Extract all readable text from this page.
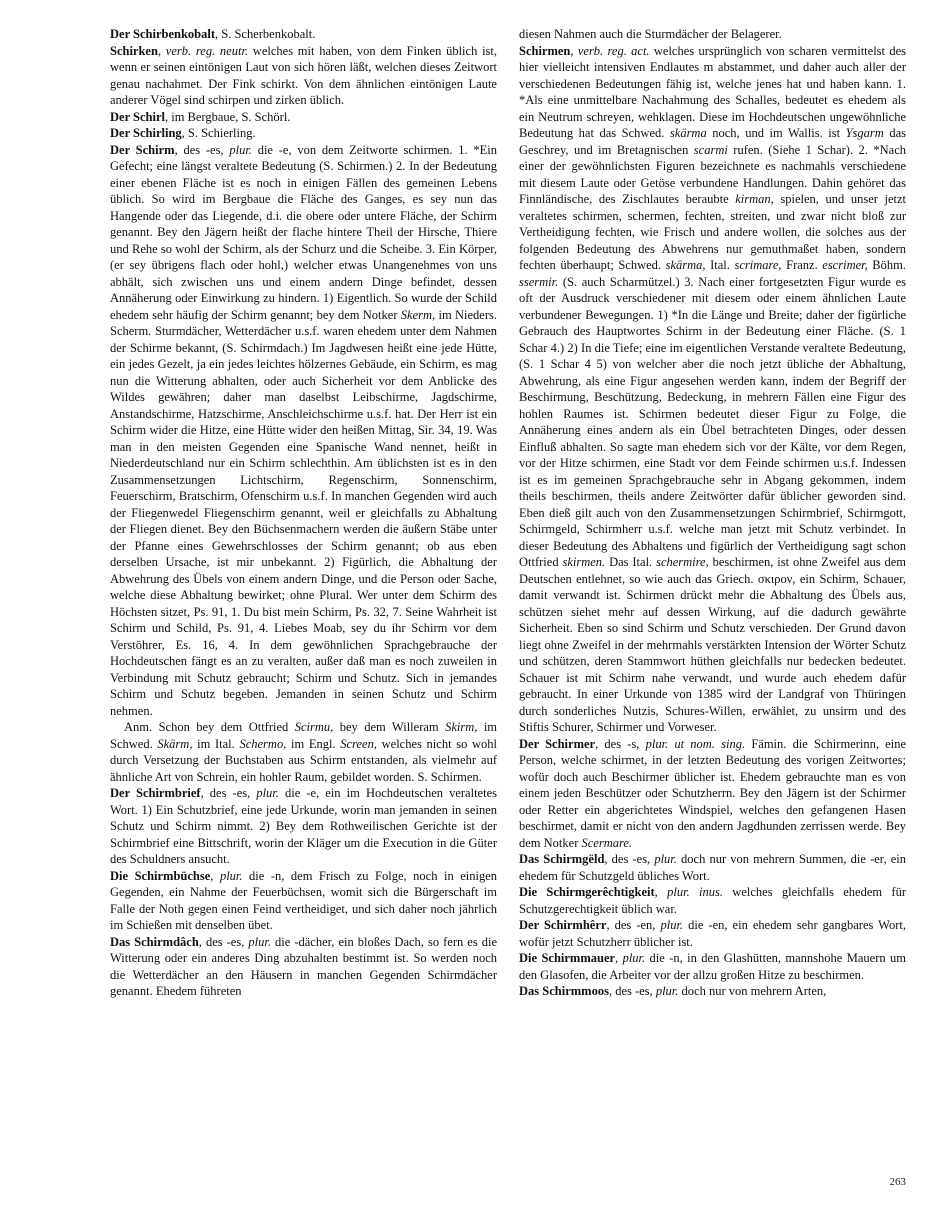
Der Schirbenkobalt, S. Scherbenkobalt.

Schirken, verb. reg. neutr. welches mit haben, von dem Finken üblich ist, wenn er seinen eintönigen Laut von sich hören läßt, welchen dieses Zeitwort genau nachahmet. Der Fink schirkt. Von dem ähnlichen eintönigen Laute anderer Vögel sind schirpen und zirken üblich.

Der Schirl, im Bergbaue, S. Schörl.

Der Schirling, S. Schierling.

Der Schirm, des -es, plur. die -e, von dem Zeitworte schirmen. 1. *Ein Gefecht; eine längst veraltete Bedeutung (S. Schirmen.) 2. In der Bedeutung einer ebenen Fläche ist es noch in einigen Fällen des gemeinen Lebens üblich. So wird im Bergbaue die Fläche des Ganges, es sey nun das Hangende oder das Liegende, d.i. die obere oder untere Fläche, der Schirm genannt. Bey den Jägern heißt der flache hintere Theil der Hirsche, Thiere und Rehe so wohl der Schirm, als der Schurz und die Scheibe. 3. Ein Körper, (er sey übrigens flach oder hohl,) welcher etwas Unangenehmes von uns abhält, sich zwischen uns und einem andern Dinge befindet, dessen Annäherung oder Einwirkung zu hindern. 1) Eigentlich. So wurde der Schild ehedem sehr häufig der Schirm genannt; bey dem Notker Skerm, im Nieders. Scherm. Sturmdächer, Wetterdächer u.s.f. waren ehedem unter dem Nahmen der Schirme bekannt, (S. Schirmdach.) Im Jagdwesen heißt eine jede Hütte, ein jedes Gezelt, ja ein jedes leichtes hölzernes Gebäude, ein Schirm, es mag nun die Witterung abhalten, oder auch Sicherheit vor dem Anblicke des Wildes gewähren; daher man daselbst Leibschirme, Jagdschirme, Anstandschirme, Hatzschirme, Anschleichschirme u.s.f. hat. Der Herr ist ein Schirm wider die Hitze, eine Hütte wider den heißen Mittag, Sir. 34, 19. Was man in den meisten Gegenden eine Spanische Wand nennet, heißt in Niederdeutschland nur ein Schirm schlechthin. Am üblichsten ist es in den Zusammensetzungen Lichtschirm, Regenschirm, Sonnenschirm, Feuerschirm, Bratschirm, Ofenschirm u.s.f. In manchen Gegenden wird auch der Fliegenwedel Fliegenschirm genannt, weil er gleichfalls zu Abhaltung der Fliegen dienet. Bey den Büchsenmachern werden die äußern Stäbe unter der Pfanne eines Gewehrschlosses der Schirm genannt; ob aus eben derselben Ursache, ist mir unbekannt. 2) Figürlich, die Abhaltung der Abwehrung des Übels von einem andern Dinge, und die Person oder Sache, welche diese Abhaltung bewirket; ohne Plural. Wer unter dem Schirm des Höchsten sitzet, Ps. 91, 1. Du bist mein Schirm, Ps. 32, 7. Seine Wahrheit ist Schirm und Schild, Ps. 91, 4. Liebes Moab, sey du ihr Schirm vor dem Verstöhrer, Es. 16, 4. In dem gewöhnlichen Sprachgebrauche der Hochdeutschen fängt es an zu veralten, außer daß man es noch zuweilen in Verbindung mit Schutz gebraucht; Schirm und Schutz. Sich in jemandes Schirm und Schutz begeben. Jemanden in seinen Schutz und Schirm nehmen.

Anm. Schon bey dem Ottfried Scirmu, bey dem Willeram Skirm, im Schwed. Skärm, im Ital. Schermo, im Engl. Screen, welches nicht so wohl durch Versetzung der Buchstaben aus Schirm entstanden, als vielmehr auf ähnliche Art von Schrein, ein hohler Raum, gebildet worden. S. Schirmen.

Der Schirmbrief, des -es, plur. die -e, ein im Hochdeutschen veraltetes Wort. 1) Ein Schutzbrief, eine jede Urkunde, worin man jemanden in seinen Schutz und Schirm nimmt. 2) Bey dem Rothweilischen Gerichte ist der Schirmbrief eine Bittschrift, worin der Kläger um die Execution in die Güter des Schuldners ansucht.

Die Schirmbüchse, plur. die -n, dem Frisch zu Folge, noch in einigen Gegenden, ein Nahme der Feuerbüchsen, womit sich die Bürgerschaft im Falle der Noth gegen einen Feind vertheidiget, und sich daher noch jährlich im Schießen mit denselben übet.

Das Schirmdâch, des -es, plur. die -dächer, ein bloßes Dach, so fern es die Witterung oder ein anderes Ding abzuhalten bestimmt ist. So werden noch die Wetterdächer an den Häusern in manchen Gegenden Schirmdächer genannt. Ehedem führeten

diesen Nahmen auch die Sturmdächer der Belagerer.

Schirmen, verb. reg. act. welches ursprünglich von scharen vermittelst des hier vielleicht intensiven Endlautes m abstammet, und daher auch aller der verschiedenen Bedeutungen fähig ist, welche jenes hat und haben kann. 1. *Als eine unmittelbare Nachahmung des Schalles, bedeutet es ehedem als ein Neutrum schreyen, wehklagen. Diese im Hochdeutschen ungewöhnliche Bedeutung hat das Schwed. skärma noch, und im Wallis. ist Ysgarm das Geschrey, und im Bretagnischen scarmi rufen. (Siehe 1 Schar). 2. *Nach einer der gewöhnlichsten Figuren bezeichnete es nachmahls verschiedene mit diesem Laute oder Getöse verbundene Handlungen. Dahin gehöret das Finnländische, des Zischlautes beraubte kirman, spielen, und unser jetzt veraltetes schirmen, schermen, fechten, streiten, und zwar nicht bloß zur Vertheidigung fechten, wie Frisch und andere wollen, die solches aus der folgenden Bedeutung des Abwehrens nur gemuthmaßet haben, sondern fechten überhaupt; Schwed. skärma, Ital. scrimare, Franz. escrimer, Böhm. ssermir. (S. auch Scharmützel.) 3. Nach einer fortgesetzten Figur wurde es oft der Ausdruck verschiedener mit diesem oder einem ähnlichen Laute verbundener Bewegungen. 1) *In die Länge und Breite; daher der figürliche Gebrauch des Hauptwortes Schirm in der Bedeutung einer Fläche. (S. 1 Schar 4.) 2) In die Tiefe; eine im eigentlichen Verstande veraltete Bedeutung, (S. 1 Schar 4 5) von welcher aber die noch jetzt übliche der Abhaltung, Abwehrung, als eine Figur angesehen werden kann, indem der Begriff der Beschirmung, Beschützung, Bedeckung, in mehrern Fällen eine Figur des hohlen Raumes ist. Schirmen bedeutet dieser Figur zu Folge, die Annäherung eines andern als ein Übel betrachteten Dinges, oder dessen Einfluß abhalten. So sagte man ehedem sich vor der Kälte, vor dem Regen, vor der Hitze schirmen, eine Stadt vor dem Feinde schirmen u.s.f. Indessen ist es im gemeinen Sprachgebrauche sehr in Abgang gekommen, indem theils beschirmen, theils andere Zeitwörter dafür üblicher geworden sind. Eben dieß gilt auch von den Zusammensetzungen Schirmbrief, Schirmgott, Schirmgeld, Schirmherr u.s.f. welche man jetzt mit Schutz verbindet. In dieser Bedeutung des Abhaltens und figürlich der Vertheidigung sagt schon Ottfried skirmen. Das Ital. schermire, beschirmen, ist ohne Zweifel aus dem Deutschen entlehnet, so wie auch das Griech. σκιρον, ein Schirm, Schauer, damit verwandt ist. Schirmen drückt mehr die Abhaltung des Übels aus, schützen siehet mehr auf dessen Wirkung, auf die dadurch gewährte Sicherheit. Eben so sind Schirm und Schutz verschieden. Der Grund davon liegt ohne Zweifel in der mehrmahls verstärkten Intension der Wörter Schutz und schützen, deren Stammwort hüthen gleichfalls nur bedecken bedeutet. Schauer ist mit Schirm nahe verwandt, und wurde auch ehedem dafür gebraucht. In einer Urkunde von 1385 wird der Landgraf von Thüringen durch sonderliches Nutzis, Schures-Willen, erwählet, zu unsirm und des Stiftis Schurer, Schirmer und Vorweser.

Der Schirmer, des -s, plur. ut nom. sing. Fämin. die Schirmerinn, eine Person, welche schirmet, in der letzten Bedeutung des vorigen Zeitwortes; wofür doch auch Beschirmer üblicher ist. Ehedem gebrauchte man es von einem jeden Beschützer oder Schutzherrn. Bey den Jägern ist der Schirmer oder Retter ein abgerichtetes Windspiel, welches den gefangenen Hasen beschirmet, damit er nicht von den andern Jagdhunden zerrissen werde. Bey dem Notker Scermare.

Das Schirmgëld, des -es, plur. doch nur von mehrern Summen, die -er, ein ehedem für Schutzgeld übliches Wort.

Die Schirmgerêchtigkeit, plur. inus. welches gleichfalls ehedem für Schutzgerechtigkeit üblich war.

Der Schirmhêrr, des -en, plur. die -en, ein ehedem sehr gangbares Wort, wofür jetzt Schutzherr üblicher ist.

Die Schirmmauer, plur. die -n, in den Glashütten, mannshohe Mauern um den Glasofen, die Arbeiter vor der allzu großen Hitze zu beschirmen.

Das Schirmmoos, des -es, plur. doch nur von mehrern Arten,

263
